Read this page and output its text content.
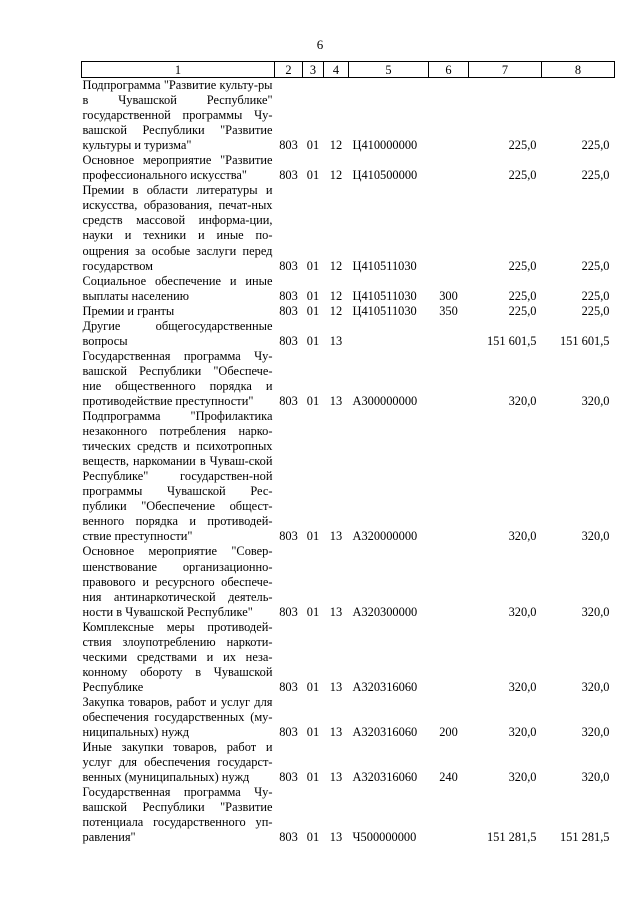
6
1	2	3	4	5	6	7	8
Подпрограмма "Развитие культу-ры в Чувашской Республике" государственной программы Чу-вашской Республики "Развитие культуры и туризма"	803	01	12	Ц410000000		225,0	225,0
Основное мероприятие "Развитие профессионального искусства"	803	01	12	Ц410500000		225,0	225,0
Премии в области литературы и искусства, образования, печат-ных средств массовой информа-ции, науки и техники и иные по-ощрения за особые заслуги перед государством	803	01	12	Ц410511030		225,0	225,0
Социальное обеспечение и иные выплаты населению	803	01	12	Ц410511030	300	225,0	225,0
Премии и гранты	803	01	12	Ц410511030	350	225,0	225,0
Другие общегосударственные вопросы	803	01	13			151 601,5	151 601,5
Государственная программа Чу-вашской Республики "Обеспече-ние общественного порядка и противодействие преступности"	803	01	13	А300000000		320,0	320,0
Подпрограмма "Профилактика незаконного потребления нарко-тических средств и психотропных веществ, наркомании в Чуваш-ской Республике" государствен-ной программы Чувашской Рес-публики "Обеспечение общест-венного порядка и противодей-ствие преступности"	803	01	13	А320000000		320,0	320,0
Основное мероприятие "Совер-шенствование организационно-правового и ресурсного обеспече-ния антинаркотической деятель-ности в Чувашской Республике"	803	01	13	А320300000		320,0	320,0
Комплексные меры противодей-ствия злоупотреблению наркоти-ческими средствами и их неза-конному обороту в Чувашской Республике	803	01	13	А320316060		320,0	320,0
Закупка товаров, работ и услуг для обеспечения государственных (му-ниципальных) нужд	803	01	13	А320316060	200	320,0	320,0
Иные закупки товаров, работ и услуг для обеспечения государст-венных (муниципальных) нужд	803	01	13	А320316060	240	320,0	320,0
Государственная программа Чу-вашской Республики "Развитие потенциала государственного уп-равления"	803	01	13	Ч500000000		151 281,5	151 281,5
